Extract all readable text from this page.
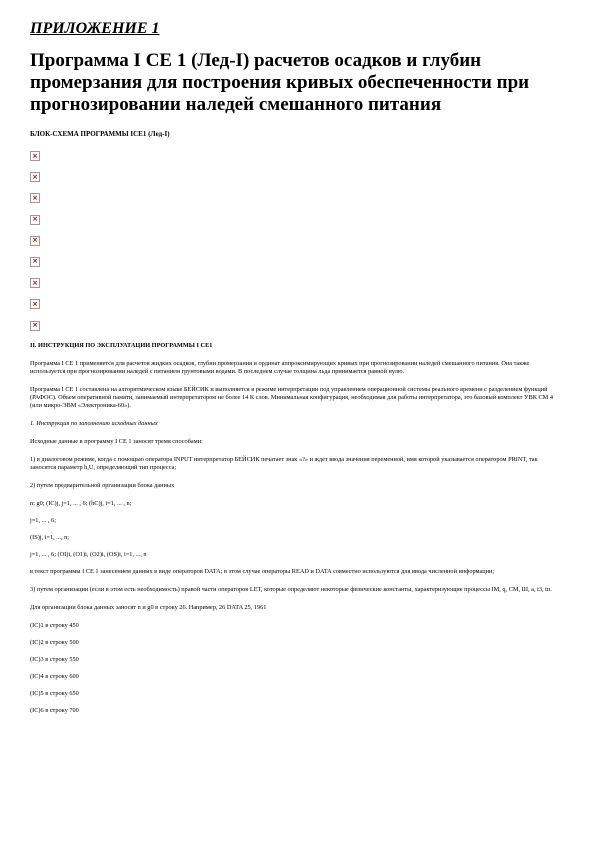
ПРИЛОЖЕНИЕ 1
Программа I CE 1 (Лед-I) расчетов осадков и глубин промерзания для построения кривых обеспеченности при прогнозировании наледей смешанного питания
БЛОК-СХЕМА ПРОГРАММЫ ICE1 (Лед-I)
×
×
×
×
×
×
×
×
×
II. ИНСТРУКЦИЯ ПО ЭКСПЛУАТАЦИИ ПРОГРАММЫ I CE1

Программа I CE 1 применяется для расчетов жидких осадков, глубин промерзания и ординат аппроксимирующих кривых при прогнозировании наледей смешанного питания. Она также используется при прогнозировании наледей с питанием грунтовыми водами. В последнем случае толщина льда принимается равной нулю.

Программа I CE 1 составлена на алгоритмическом языке БЕЙСИК и выполняется в режиме интерпретации под управлением операционной системы реального времени с разделением функций (РАФОС). Объем оперативной памяти, занимаемый интерпретатором не более 14 К слов. Минимальная конфигурация, необходимая для работы интерпретатора, это базовый комплект УВК СМ 4 (или микро-ЭВМ «Электроника-60»).

1. Инструкция по заполнению исходных данных

Исходные данные в программу I CE 1 заносят тремя способами:

1) в диалоговом режиме, когда с помощью оператора INPUT интерпретатор БЕЙСИК печатает знак «?» и ждет ввода значения переменной, имя которой указывается оператором PRINT, так заносятся параметр h,U, определяющий тип процесса;

2) путем предварительной организации блока данных

n; g0; (IC)j, j=1, ... , 6; (hC)j, i=1, ... , n;

j=1, ... , 6;

(IS)j, i=1, ..., n;

j=1, ... , 6; (OI)i, (O1)i, (O2)i, (OS)i, i=1, ..., n

в текст программы I CE 1 занесением данных в виде операторов DATA; в этом случае операторы READ и DATA совместно используются для ввода численной информации;

3) путем организации (если в этом есть необходимость) правой части операторов LET, которые определяют некоторые физические константы, характеризующие процессы IM, q, CM, Ш, a, t3, tп.

Для организации блока данных заносят n и g0 в строку 26. Например, 26 DATA 25, 1961

(IC)1 в строку 450

(IC)2 в строку 500

(IC)3 в строку 550

(IC)4 в строку 600

(IC)5 в строку 650

(IC)6 в строку 700
